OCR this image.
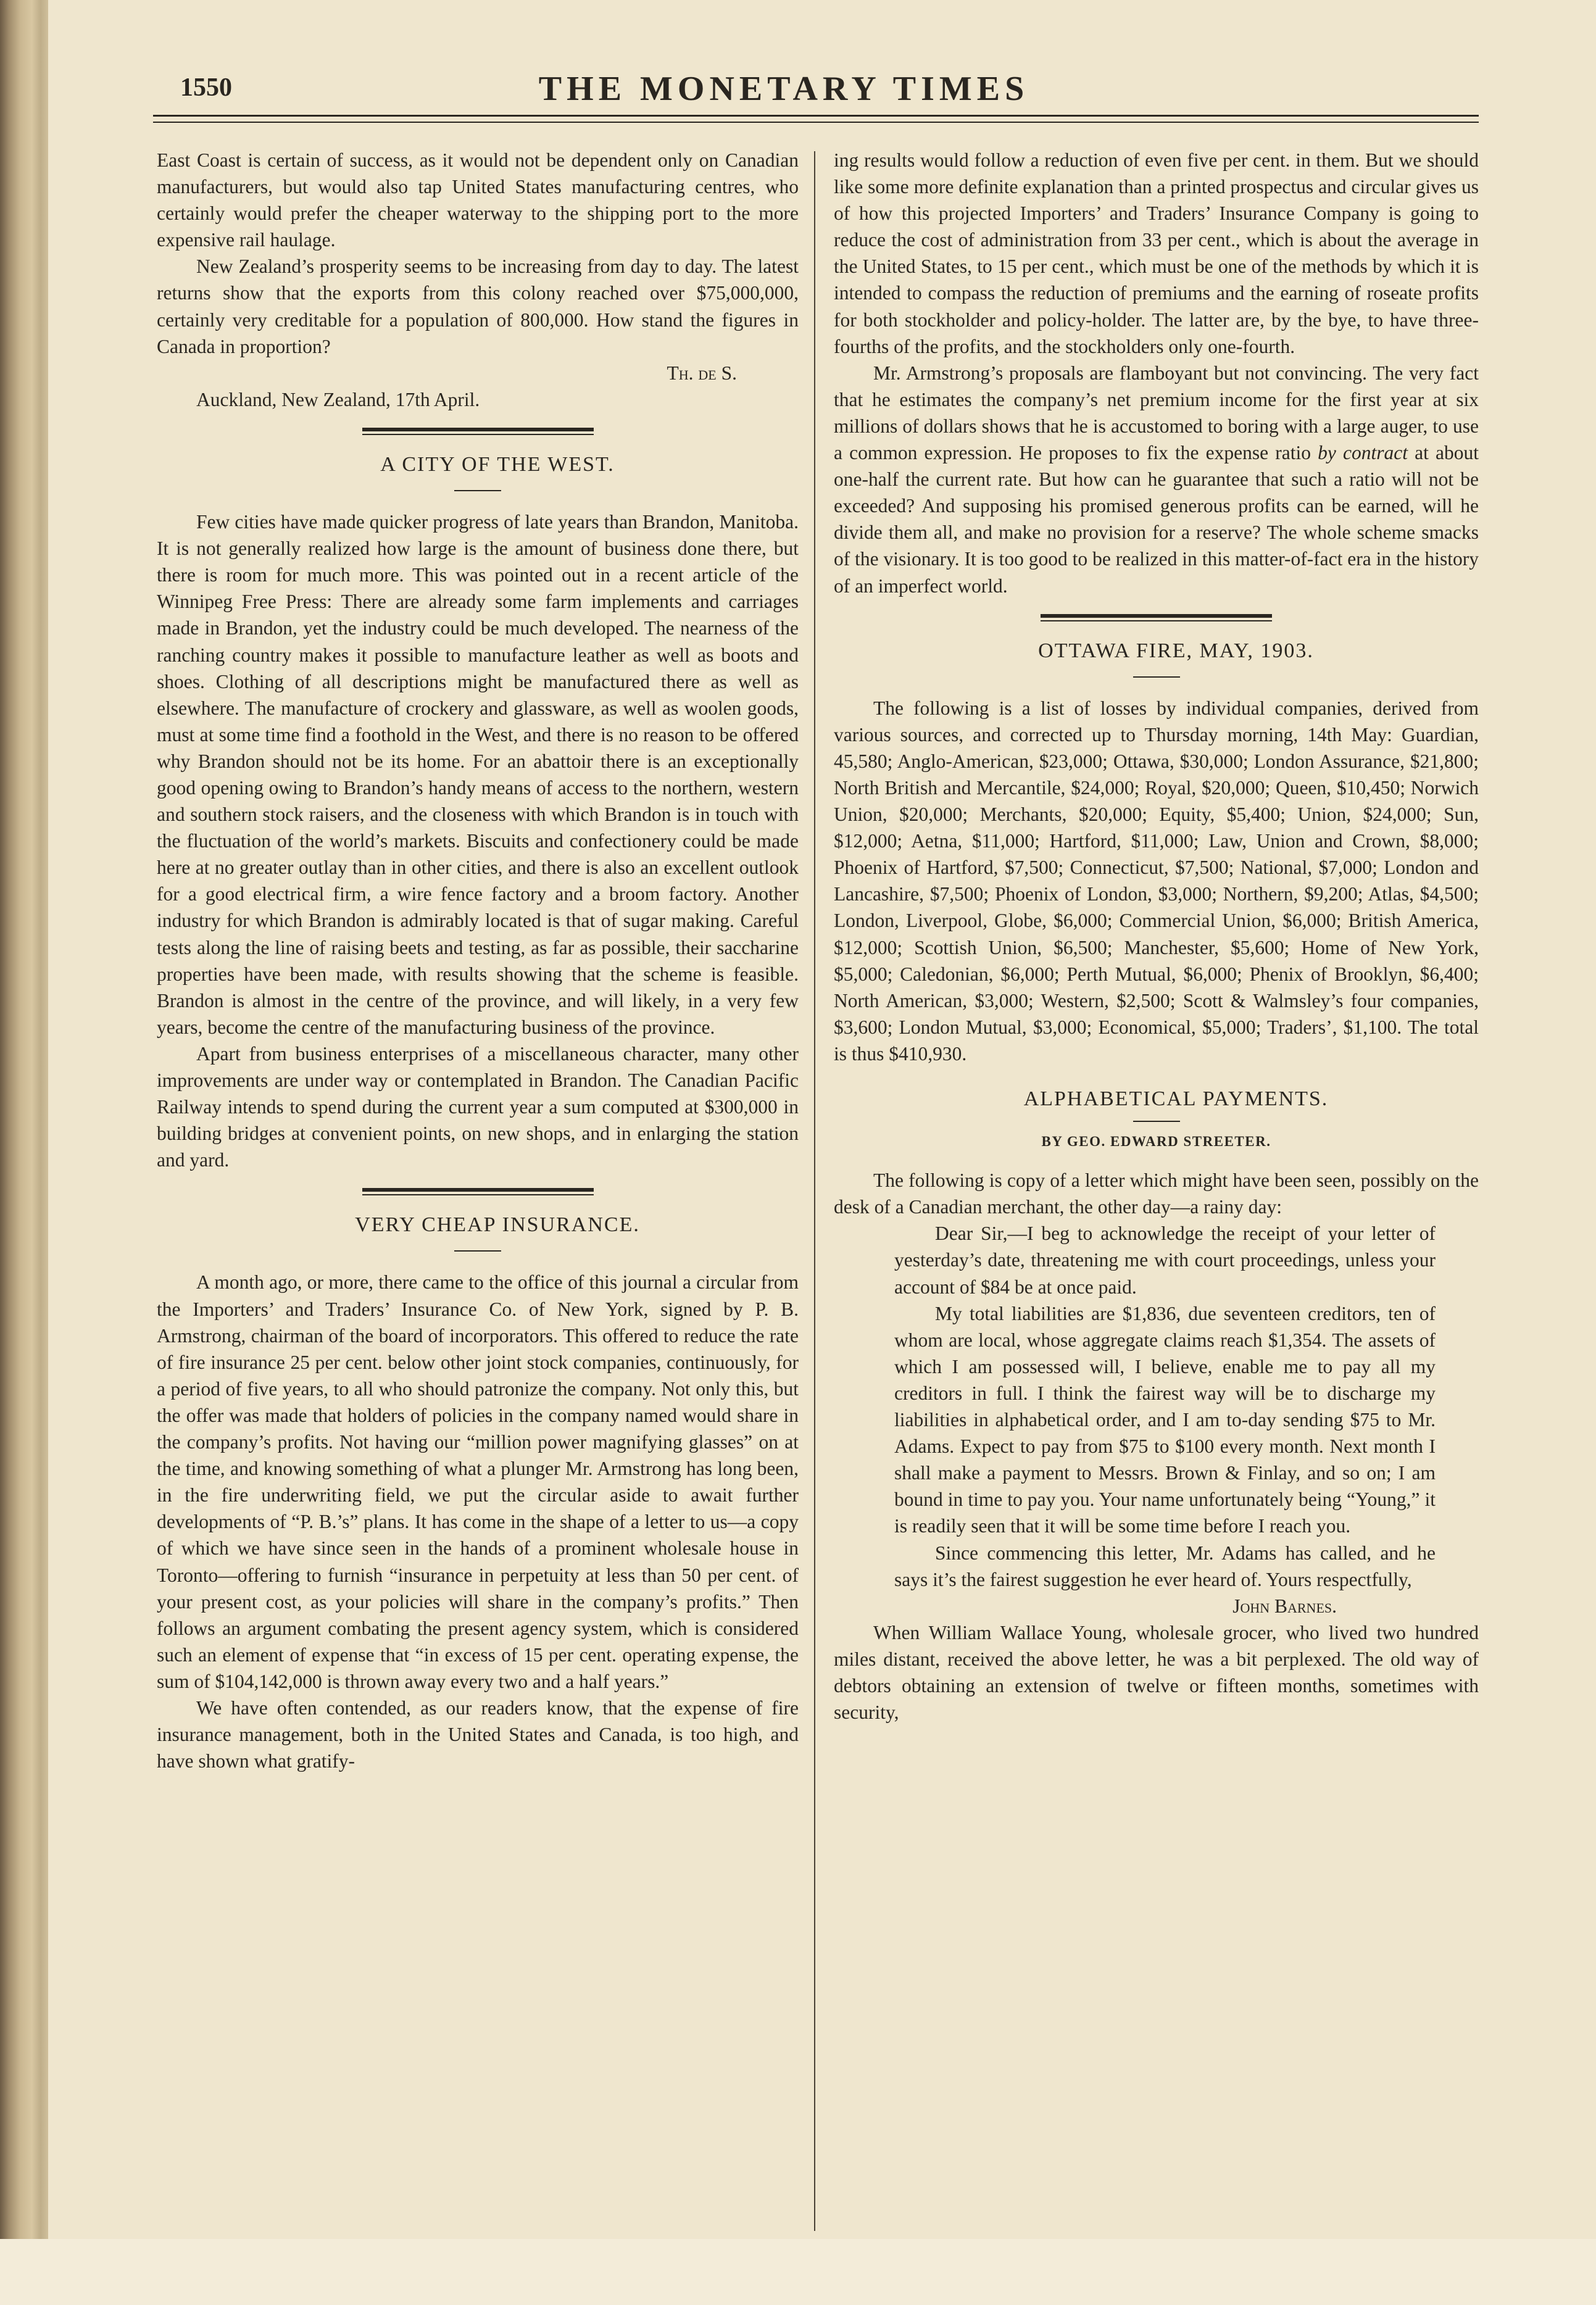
1550	THE MONETARY TIMES

East Coast is certain of success, as it would not be dependent only on Canadian manufacturers, but would also tap United States manufacturing centres, who certainly would prefer the cheaper waterway to the shipping port to the more expensive rail haulage.

New Zealand’s prosperity seems to be increasing from day to day. The latest returns show that the exports from this colony reached over $75,000,000, certainly very creditable for a population of 800,000. How stand the figures in Canada in proportion?

Th. de S.

Auckland, New Zealand, 17th April.

A CITY OF THE WEST.

Few cities have made quicker progress of late years than Brandon, Manitoba. It is not generally realized how large is the amount of business done there, but there is room for much more. This was pointed out in a recent article of the Winnipeg Free Press: There are already some farm implements and carriages made in Brandon, yet the industry could be much developed. The nearness of the ranching country makes it possible to manufacture leather as well as boots and shoes. Clothing of all descriptions might be manufactured there as well as elsewhere. The manufacture of crockery and glassware, as well as woolen goods, must at some time find a foothold in the West, and there is no reason to be offered why Brandon should not be its home. For an abattoir there is an exceptionally good opening owing to Brandon’s handy means of access to the northern, western and southern stock raisers, and the closeness with which Brandon is in touch with the fluctuation of the world’s markets. Biscuits and confectionery could be made here at no greater outlay than in other cities, and there is also an excellent outlook for a good electrical firm, a wire fence factory and a broom factory. Another industry for which Brandon is admirably located is that of sugar making. Careful tests along the line of raising beets and testing, as far as possible, their saccharine properties have been made, with results showing that the scheme is feasible. Brandon is almost in the centre of the province, and will likely, in a very few years, become the centre of the manufacturing business of the province.

Apart from business enterprises of a miscellaneous character, many other improvements are under way or contemplated in Brandon. The Canadian Pacific Railway intends to spend during the current year a sum computed at $300,000 in building bridges at convenient points, on new shops, and in enlarging the station and yard.

VERY CHEAP INSURANCE.

A month ago, or more, there came to the office of this journal a circular from the Importers’ and Traders’ Insurance Co. of New York, signed by P. B. Armstrong, chairman of the board of incorporators. This offered to reduce the rate of fire insurance 25 per cent. below other joint stock companies, continuously, for a period of five years, to all who should patronize the company. Not only this, but the offer was made that holders of policies in the company named would share in the company’s profits. Not having our “million power magnifying glasses” on at the time, and knowing something of what a plunger Mr. Armstrong has long been, in the fire underwriting field, we put the circular aside to await further developments of “P. B.’s” plans. It has come in the shape of a letter to us—a copy of which we have since seen in the hands of a prominent wholesale house in Toronto—offering to furnish “insurance in perpetuity at less than 50 per cent. of your present cost, as your policies will share in the company’s profits.” Then follows an argument combating the present agency system, which is considered such an element of expense that “in excess of 15 per cent. operating expense, the sum of $104,142,000 is thrown away every two and a half years.”

We have often contended, as our readers know, that the expense of fire insurance management, both in the United States and Canada, is too high, and have shown what gratify-

ing results would follow a reduction of even five per cent. in them. But we should like some more definite explanation than a printed prospectus and circular gives us of how this projected Importers’ and Traders’ Insurance Company is going to reduce the cost of administration from 33 per cent., which is about the average in the United States, to 15 per cent., which must be one of the methods by which it is intended to compass the reduction of premiums and the earning of roseate profits for both stockholder and policy-holder. The latter are, by the bye, to have three-fourths of the profits, and the stockholders only one-fourth.

Mr. Armstrong’s proposals are flamboyant but not convincing. The very fact that he estimates the company’s net premium income for the first year at six millions of dollars shows that he is accustomed to boring with a large auger, to use a common expression. He proposes to fix the expense ratio by contract at about one-half the current rate. But how can he guarantee that such a ratio will not be exceeded? And supposing his promised generous profits can be earned, will he divide them all, and make no provision for a reserve? The whole scheme smacks of the visionary. It is too good to be realized in this matter-of-fact era in the history of an imperfect world.

OTTAWA FIRE, MAY, 1903.

The following is a list of losses by individual companies, derived from various sources, and corrected up to Thursday morning, 14th May: Guardian, 45,580; Anglo-American, $23,000; Ottawa, $30,000; London Assurance, $21,800; North British and Mercantile, $24,000; Royal, $20,000; Queen, $10,450; Norwich Union, $20,000; Merchants, $20,000; Equity, $5,400; Union, $24,000; Sun, $12,000; Aetna, $11,000; Hartford, $11,000; Law, Union and Crown, $8,000; Phoenix of Hartford, $7,500; Connecticut, $7,500; National, $7,000; London and Lancashire, $7,500; Phoenix of London, $3,000; Northern, $9,200; Atlas, $4,500; London, Liverpool, Globe, $6,000; Commercial Union, $6,000; British America, $12,000; Scottish Union, $6,500; Manchester, $5,600; Home of New York, $5,000; Caledonian, $6,000; Perth Mutual, $6,000; Phenix of Brooklyn, $6,400; North American, $3,000; Western, $2,500; Scott & Walmsley’s four companies, $3,600; London Mutual, $3,000; Economical, $5,000; Traders’, $1,100. The total is thus $410,930.

ALPHABETICAL PAYMENTS.

BY GEO. EDWARD STREETER.

The following is copy of a letter which might have been seen, possibly on the desk of a Canadian merchant, the other day—a rainy day:

Dear Sir,—I beg to acknowledge the receipt of your letter of yesterday’s date, threatening me with court proceedings, unless your account of $84 be at once paid.

My total liabilities are $1,836, due seventeen creditors, ten of whom are local, whose aggregate claims reach $1,354. The assets of which I am possessed will, I believe, enable me to pay all my creditors in full. I think the fairest way will be to discharge my liabilities in alphabetical order, and I am to-day sending $75 to Mr. Adams. Expect to pay from $75 to $100 every month. Next month I shall make a payment to Messrs. Brown & Finlay, and so on; I am bound in time to pay you. Your name unfortunately being “Young,” it is readily seen that it will be some time before I reach you.

Since commencing this letter, Mr. Adams has called, and he says it’s the fairest suggestion he ever heard of. Yours respectfully,

John Barnes.

When William Wallace Young, wholesale grocer, who lived two hundred miles distant, received the above letter, he was a bit perplexed. The old way of debtors obtaining an extension of twelve or fifteen months, sometimes with security,
